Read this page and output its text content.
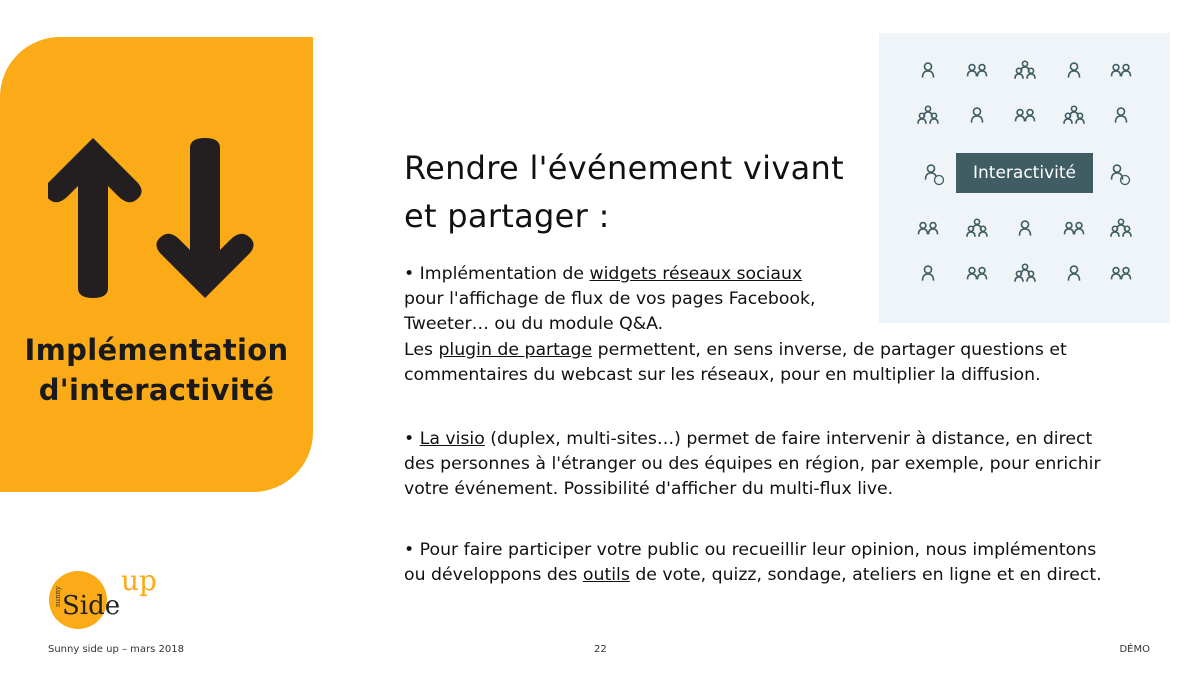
Implémentation
d'interactivité
Rendre l'événement vivant
et partager :

• Implémentation de widgets réseaux sociaux

pour l'affichage de flux de vos pages Facebook,

Tweeter… ou du module Q&A.

Les plugin de partage permettent, en sens inverse, de partager questions et

commentaires du webcast sur les réseaux, pour en multiplier la diffusion.

• La visio (duplex, multi-sites…) permet de faire intervenir à distance, en direct

des personnes à l'étranger ou des équipes en région, par exemple, pour enrichir

votre événement. Possibilité d'afficher du multi-flux live.

• Pour faire participer votre public ou recueillir leur opinion, nous implémentons

ou développons des outils de vote, quizz, sondage, ateliers en ligne et en direct.

Interactivité
sunny Side
up
Sunny side up – mars 2018	22	DÉMO
